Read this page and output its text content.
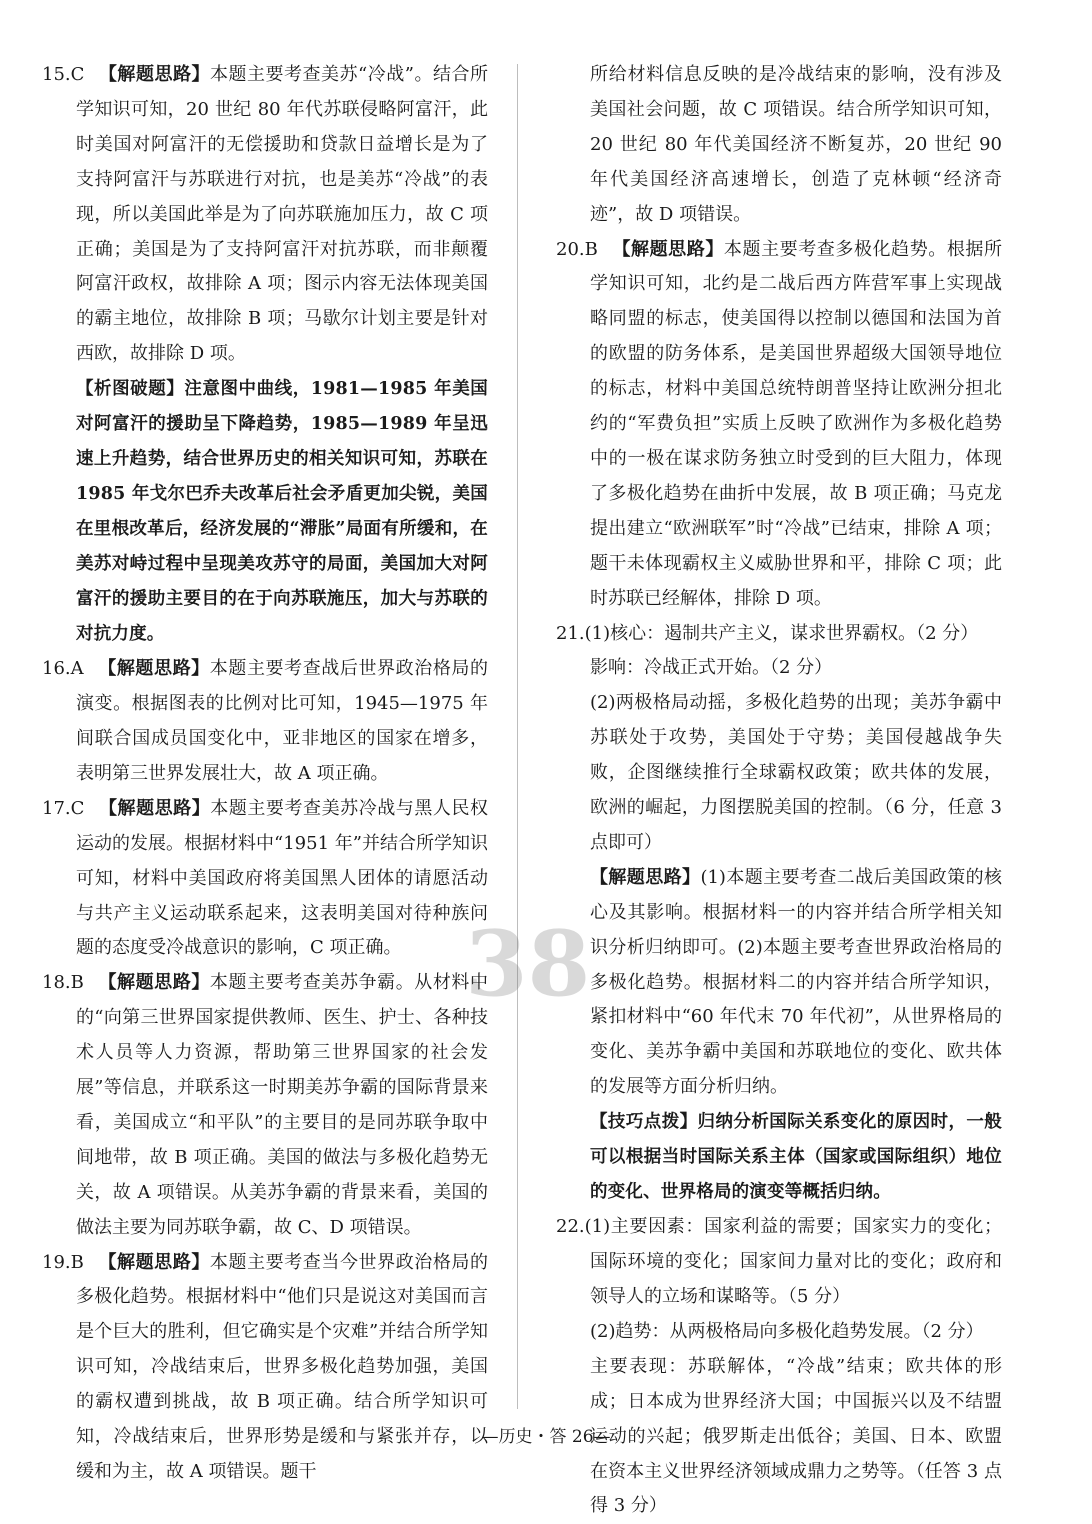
15.C 【解题思路】本题主要考查美苏“冷战”。结合所学知识可知，20 世纪 80 年代苏联侵略阿富汗，此时美国对阿富汗的无偿援助和贷款日益增长是为了支持阿富汗与苏联进行对抗，也是美苏“冷战”的表现，所以美国此举是为了向苏联施加压力，故 C 项正确；美国是为了支持阿富汗对抗苏联，而非颠覆阿富汗政权，故排除 A 项；图示内容无法体现美国的霸主地位，故排除 B 项；马歇尔计划主要是针对西欧，故排除 D 项。

【析图破题】注意图中曲线，1981—1985 年美国对阿富汗的援助呈下降趋势，1985—1989 年呈迅速上升趋势，结合世界历史的相关知识可知，苏联在 1985 年戈尔巴乔夫改革后社会矛盾更加尖锐，美国在里根改革后，经济发展的“滞胀”局面有所缓和，在美苏对峙过程中呈现美攻苏守的局面，美国加大对阿富汗的援助主要目的在于向苏联施压，加大与苏联的对抗力度。

16.A 【解题思路】本题主要考查战后世界政治格局的演变。根据图表的比例对比可知，1945—1975 年间联合国成员国变化中，亚非地区的国家在增多，表明第三世界发展壮大，故 A 项正确。

17.C 【解题思路】本题主要考查美苏冷战与黑人民权运动的发展。根据材料中“1951 年”并结合所学知识可知，材料中美国政府将美国黑人团体的请愿活动与共产主义运动联系起来，这表明美国对待种族问题的态度受冷战意识的影响，C 项正确。

18.B 【解题思路】本题主要考查美苏争霸。从材料中的“向第三世界国家提供教师、医生、护士、各种技术人员等人力资源，帮助第三世界国家的社会发展”等信息，并联系这一时期美苏争霸的国际背景来看，美国成立“和平队”的主要目的是同苏联争取中间地带，故 B 项正确。美国的做法与多极化趋势无关，故 A 项错误。从美苏争霸的背景来看，美国的做法主要为同苏联争霸，故 C、D 项错误。

19.B 【解题思路】本题主要考查当今世界政治格局的多极化趋势。根据材料中“他们只是说这对美国而言是个巨大的胜利，但它确实是个灾难”并结合所学知识可知，冷战结束后，世界多极化趋势加强，美国的霸权遭到挑战，故 B 项正确。结合所学知识可知，冷战结束后，世界形势是缓和与紧张并存，以缓和为主，故 A 项错误。题干

所给材料信息反映的是冷战结束的影响，没有涉及美国社会问题，故 C 项错误。结合所学知识可知，20 世纪 80 年代美国经济不断复苏，20 世纪 90 年代美国经济高速增长，创造了克林顿“经济奇迹”，故 D 项错误。

20.B 【解题思路】本题主要考查多极化趋势。根据所学知识可知，北约是二战后西方阵营军事上实现战略同盟的标志，使美国得以控制以德国和法国为首的欧盟的防务体系，是美国世界超级大国领导地位的标志，材料中美国总统特朗普坚持让欧洲分担北约的“军费负担”实质上反映了欧洲作为多极化趋势中的一极在谋求防务独立时受到的巨大阻力，体现了多极化趋势在曲折中发展，故 B 项正确；马克龙提出建立“欧洲联军”时“冷战”已结束，排除 A 项；题干未体现霸权主义威胁世界和平，排除 C 项；此时苏联已经解体，排除 D 项。

21.(1)核心：遏制共产主义，谋求世界霸权。（2 分）

影响：冷战正式开始。（2 分）

(2)两极格局动摇，多极化趋势的出现；美苏争霸中苏联处于攻势，美国处于守势；美国侵越战争失败，企图继续推行全球霸权政策；欧共体的发展，欧洲的崛起，力图摆脱美国的控制。（6 分，任意 3 点即可）

【解题思路】(1)本题主要考查二战后美国政策的核心及其影响。根据材料一的内容并结合所学相关知识分析归纳即可。(2)本题主要考查世界政治格局的多极化趋势。根据材料二的内容并结合所学知识，紧扣材料中“60 年代末 70 年代初”，从世界格局的变化、美苏争霸中美国和苏联地位的变化、欧共体的发展等方面分析归纳。

【技巧点拨】归纳分析国际关系变化的原因时，一般可以根据当时国际关系主体（国家或国际组织）地位的变化、世界格局的演变等概括归纳。

22.(1)主要因素：国家利益的需要；国家实力的变化；国际环境的变化；国家间力量对比的变化；政府和领导人的立场和谋略等。（5 分）

(2)趋势：从两极格局向多极化趋势发展。（2 分）

主要表现：苏联解体，“冷战”结束；欧共体的形成；日本成为世界经济大国；中国振兴以及不结盟运动的兴起；俄罗斯走出低谷；美国、日本、欧盟在资本主义世界经济领域成鼎力之势等。（任答 3 点得 3 分）

38
—历史・答 26—
